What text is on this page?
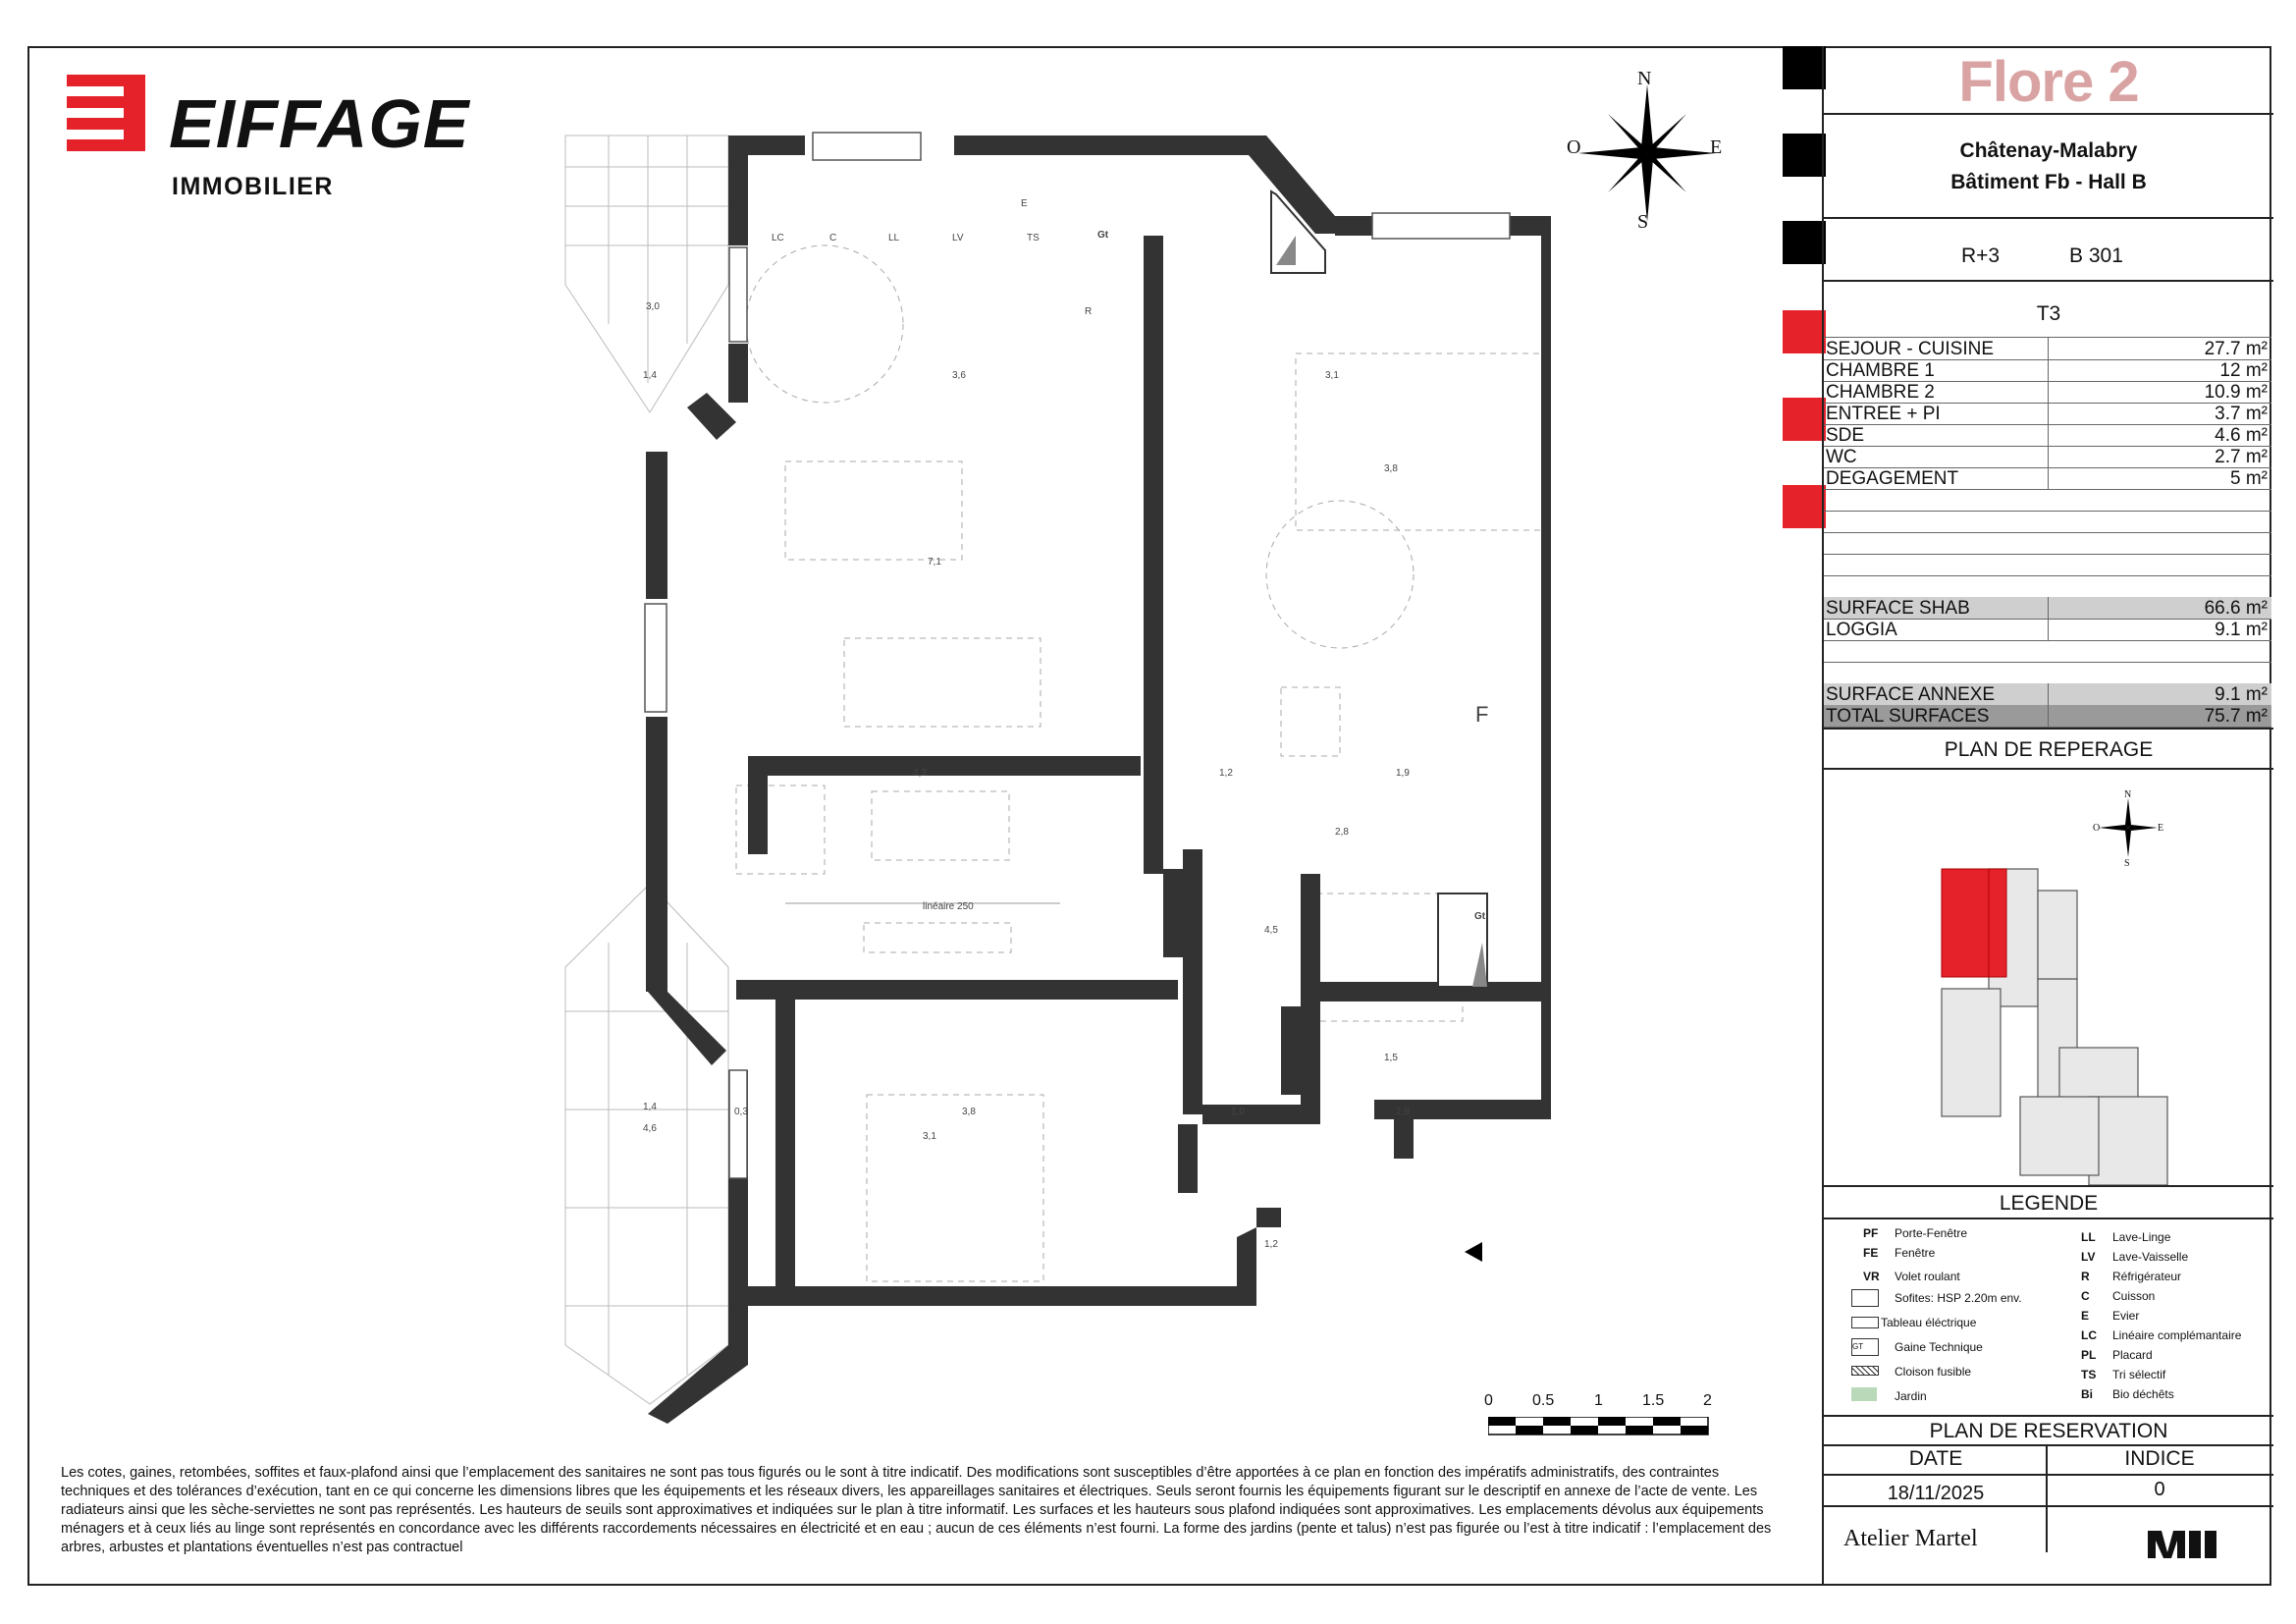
EIFFAGE
IMMOBILIER
N
S
O	E
LC	C	LL	LV	TS
E
R
Gt
Gt
F
linéaire 250
3,0
1,4	3,6	3,1
3,8
7,1
4,3	1,2	1,9
2,8
4,5
1,4
4,6
0,3	3,8
3,1
1,0
1,5
1,9
1,2
0	0.5	1	1.5 2
Les cotes, gaines, retombées, soffites et faux-plafond ainsi que l’emplacement des sanitaires ne sont pas tous figurés ou le sont à titre indicatif. Des modifications sont susceptibles d’être apportées à ce plan en fonction des impératifs administratifs, des contraintes techniques et des tolérances d’exécution, tant en ce qui concerne les dimensions libres que les équipements et les réseaux divers, les appareillages sanitaires et électriques. Seuls seront fournis les équipements figurant sur le descriptif en annexe de l’acte de vente. Les radiateurs ainsi que les sèche-serviettes ne sont pas représentés. Les hauteurs de seuils sont approximatives et indiquées sur le plan à titre informatif. Les surfaces et les hauteurs sous plafond indiquées sont approximatives. Les emplacements dévolus aux équipements ménagers et à ceux liés au linge sont représentés en concordance avec les différents raccordements nécessaires en électricité et en eau ; aucun de ces éléments n’est fourni. La forme des jardins (pente et talus) n’est pas figurée ou l’est à titre indicatif : l’emplacement des arbres, arbustes et plantations éventuelles n’est pas contractuel
Flore 2
Châtenay-Malabry
Bâtiment Fb - Hall B
R+3	B 301
T3
SEJOUR - CUISINE	27.7 m²
CHAMBRE 1	12 m²
CHAMBRE 2	10.9 m²
ENTREE + PI	3.7 m²
SDE	4.6 m²
WC	2.7 m²
DEGAGEMENT	5 m²
SURFACE SHAB	66.6 m²
LOGGIA	9.1 m²
SURFACE ANNEXE	9.1 m²
TOTAL SURFACES	75.7 m²
PLAN DE REPERAGE
N
S
O	E
LEGENDE
PF Porte-Fenêtre
FE Fenêtre
VR Volet roulant
Sofites: HSP 2.20m env.
Tableau éléctrique
GT	Gaine Technique
Cloison fusible
Jardin
LL Lave-Linge
LV Lave-Vaisselle
R Réfrigérateur
C Cuisson
E Evier
LC Linéaire complémantaire
PL Placard
TS Tri sélectif
Bi Bio déchêts
PLAN DE RESERVATION
DATE	INDICE
18/11/2025	0
Atelier Martel
